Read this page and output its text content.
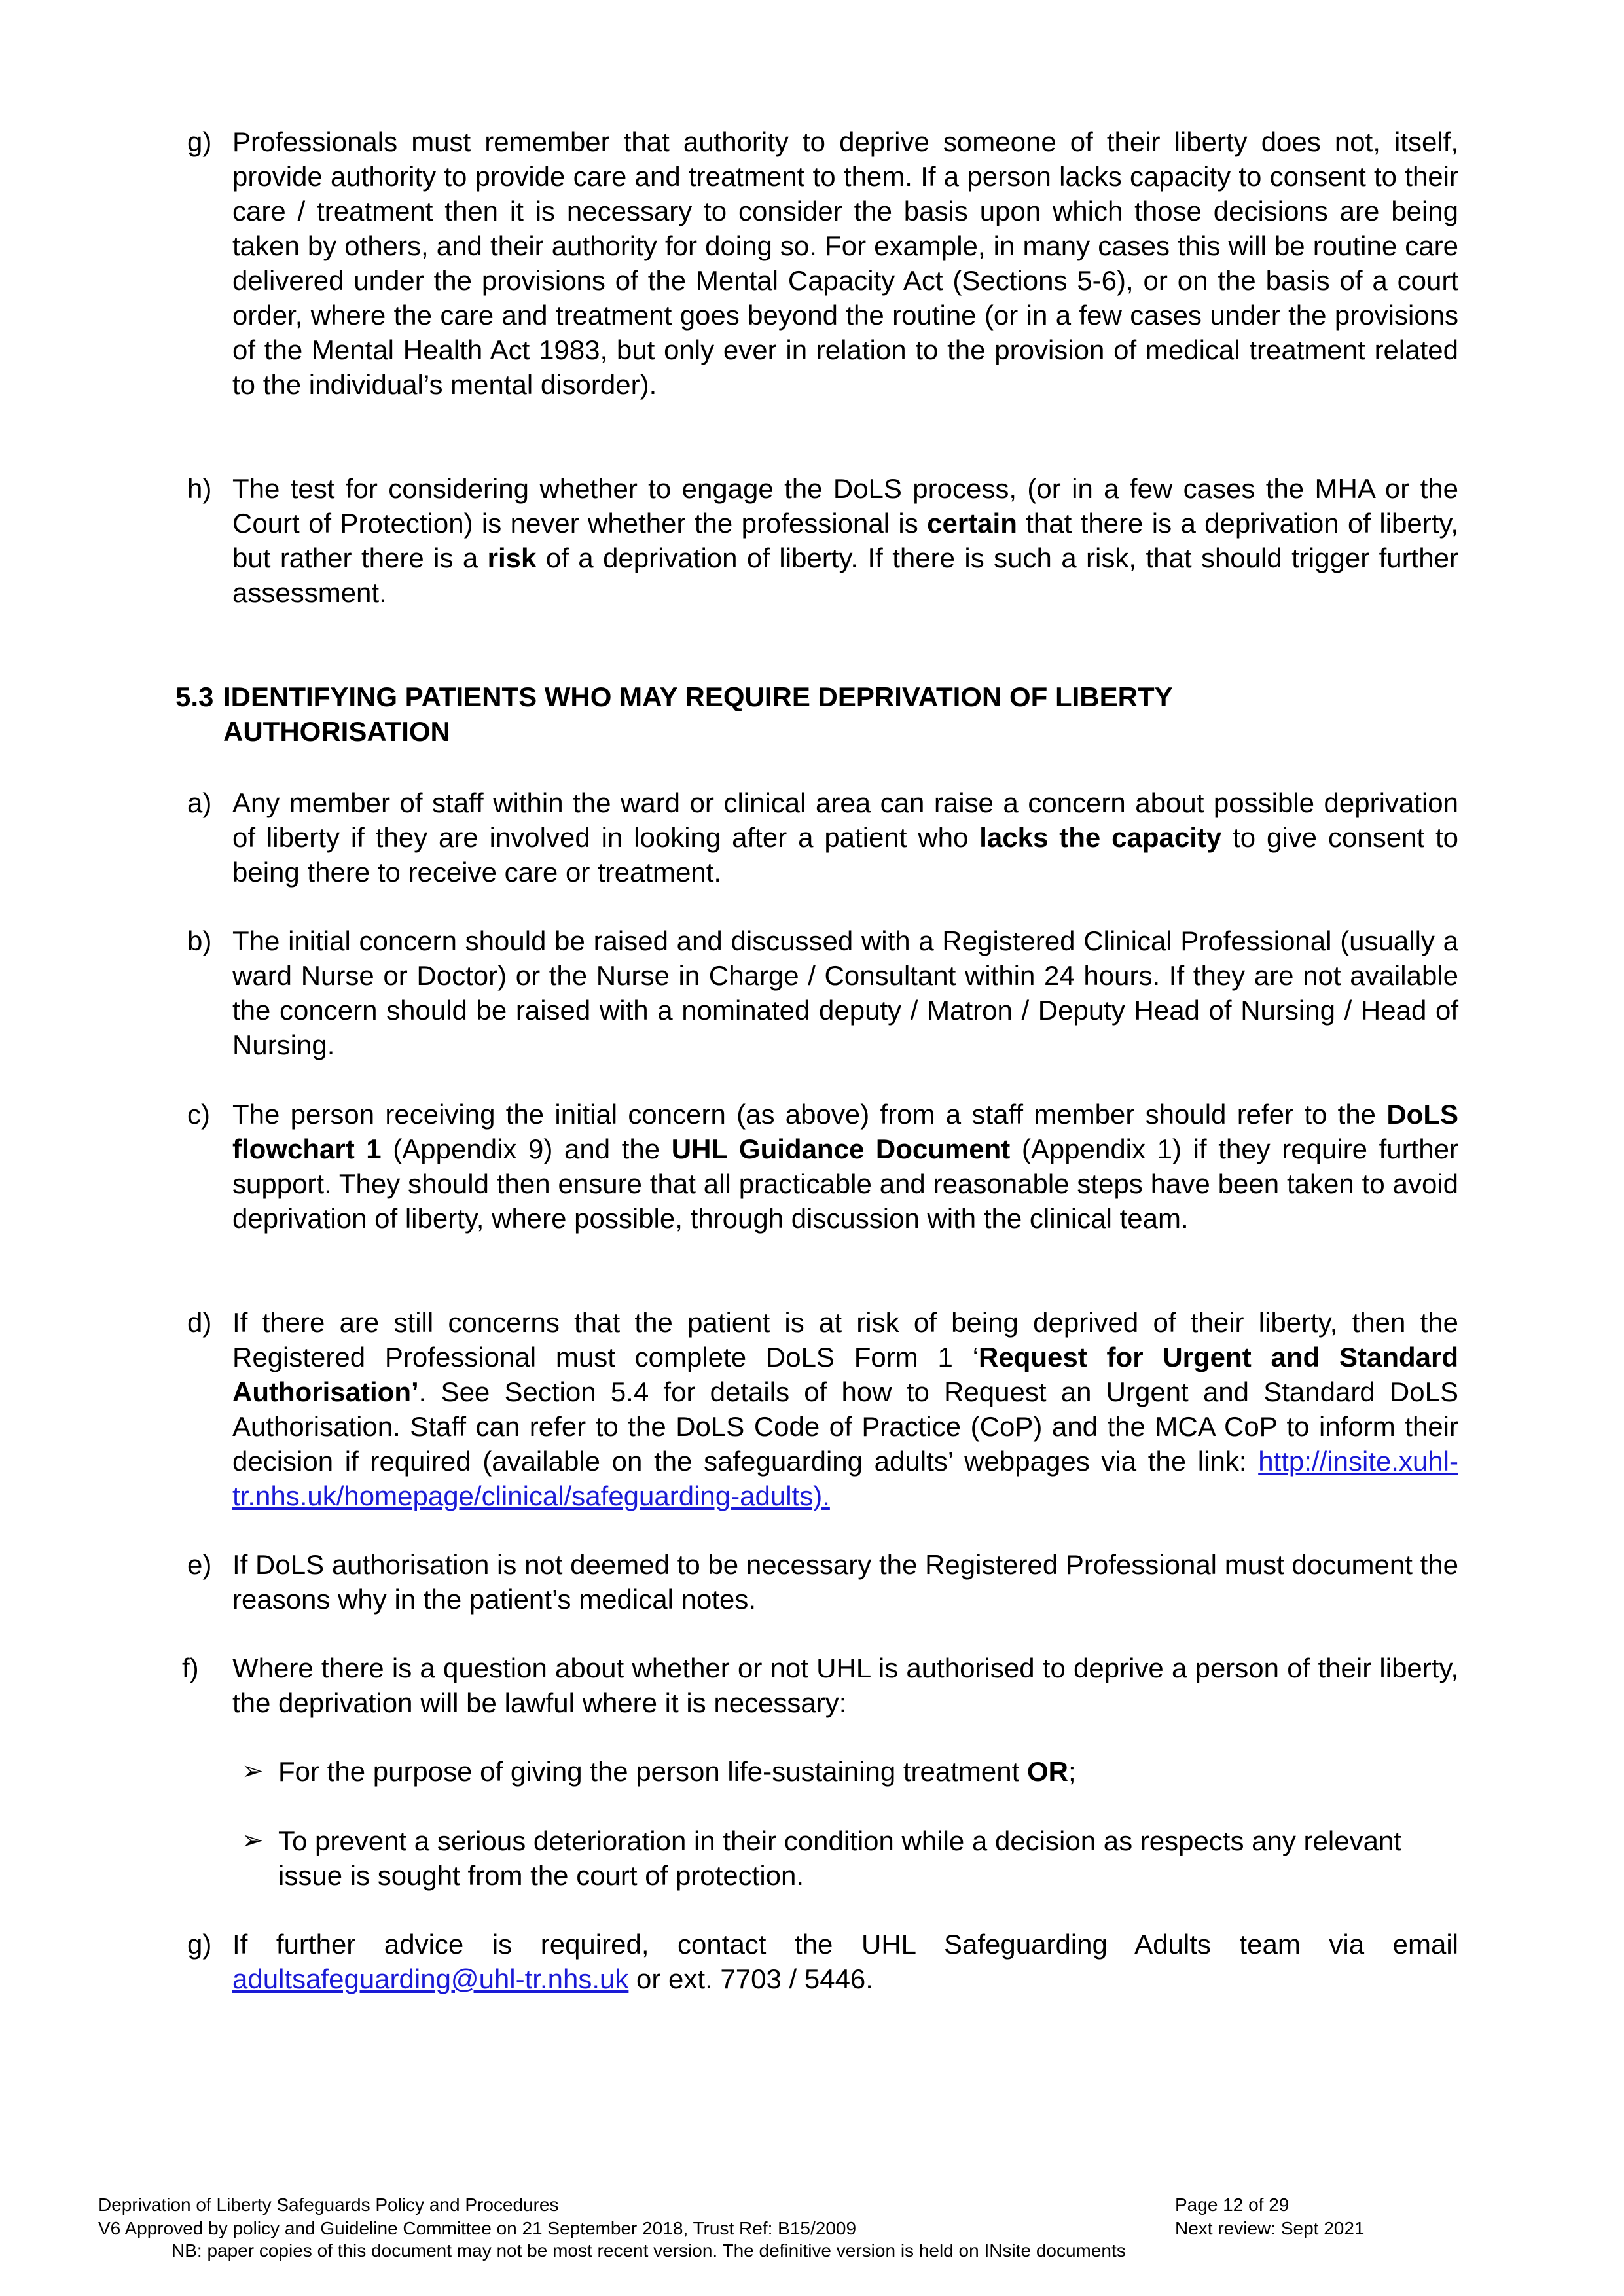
g) Professionals must remember that authority to deprive someone of their liberty does not, itself, provide authority to provide care and treatment to them. If a person lacks capacity to consent to their care / treatment then it is necessary to consider the basis upon which those decisions are being taken by others, and their authority for doing so. For example, in many cases this will be routine care delivered under the provisions of the Mental Capacity Act (Sections 5-6), or on the basis of a court order, where the care and treatment goes beyond the routine (or in a few cases under the provisions of the Mental Health Act 1983, but only ever in relation to the provision of medical treatment related to the individual’s mental disorder).
h) The test for considering whether to engage the DoLS process, (or in a few cases the MHA or the Court of Protection) is never whether the professional is certain that there is a deprivation of liberty, but rather there is a risk of a deprivation of liberty. If there is such a risk, that should trigger further assessment.
5.3 IDENTIFYING PATIENTS WHO MAY REQUIRE DEPRIVATION OF LIBERTY
AUTHORISATION
a) Any member of staff within the ward or clinical area can raise a concern about possible deprivation of liberty if they are involved in looking after a patient who lacks the capacity to give consent to being there to receive care or treatment.
b) The initial concern should be raised and discussed with a Registered Clinical Professional (usually a ward Nurse or Doctor) or the Nurse in Charge / Consultant within 24 hours. If they are not available the concern should be raised with a nominated deputy / Matron / Deputy Head of Nursing / Head of Nursing.
c) The person receiving the initial concern (as above) from a staff member should refer to the DoLS flowchart 1 (Appendix 9) and the UHL Guidance Document (Appendix 1) if they require further support. They should then ensure that all practicable and reasonable steps have been taken to avoid deprivation of liberty, where possible, through discussion with the clinical team.
d) If there are still concerns that the patient is at risk of being deprived of their liberty, then the Registered Professional must complete DoLS Form 1 ‘Request for Urgent and Standard Authorisation’. See Section 5.4 for details of how to Request an Urgent and Standard DoLS Authorisation. Staff can refer to the DoLS Code of Practice (CoP) and the MCA CoP to inform their decision if required (available on the safeguarding adults’ webpages via the link: http://insite.xuhl-tr.nhs.uk/homepage/clinical/safeguarding-adults).
e) If DoLS authorisation is not deemed to be necessary the Registered Professional must document the reasons why in the patient’s medical notes.
f) Where there is a question about whether or not UHL is authorised to deprive a person of their liberty, the deprivation will be lawful where it is necessary:
➢ For the purpose of giving the person life-sustaining treatment OR;
➢ To prevent a serious deterioration in their condition while a decision as respects any relevant issue is sought from the court of protection.
g) If further advice is required, contact the UHL Safeguarding Adults team via email adultsafeguarding@uhl-tr.nhs.uk or ext. 7703 / 5446.
Deprivation of Liberty Safeguards Policy and Procedures	Page 12 of 29
V6 Approved by policy and Guideline Committee on 21 September 2018, Trust Ref: B15/2009	Next review: Sept 2021
NB: paper copies of this document may not be most recent version. The definitive version is held on INsite documents
